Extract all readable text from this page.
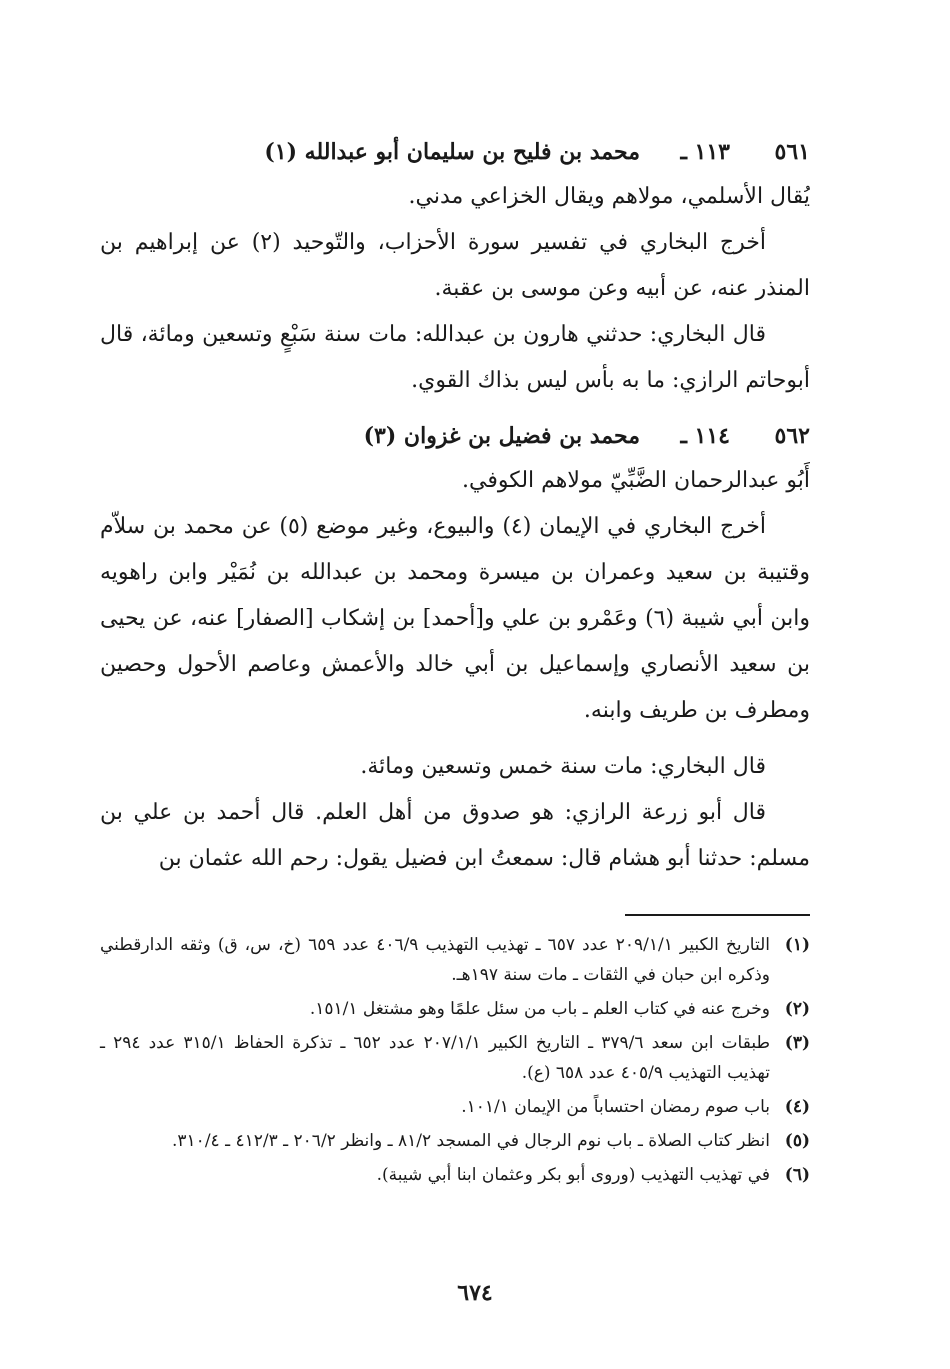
٥٦١
١١٣ ـ
محمد بن فليح بن سليمان أبو عبدالله (١)
يُقال الأسلمي، مولاهم ويقال الخزاعي مدني.

أخرج البخاري في تفسير سورة الأحزاب، والتّوحيد (٢) عن إبراهيم بن المنذر عنه، عن أبيه وعن موسى بن عقبة.

قال البخاري: حدثني هارون بن عبدالله: مات سنة سَبْعٍ وتسعين ومائة، قال أبوحاتم الرازي: ما به بأس ليس بذاك القوي.

٥٦٢
١١٤ ـ
محمد بن فضيل بن غزوان (٣)
أَبُو عبدالرحمان الضَّبِّيّ مولاهم الكوفي.

أخرج البخاري في الإيمان (٤) والبيوع، وغير موضع (٥) عن محمد بن سلاّم وقتيبة بن سعيد وعمران بن ميسرة ومحمد بن عبدالله بن نُمَيْر وابن راهويه وابن أبي شيبة (٦) وعَمْرو بن علي و[أحمد] بن إشكاب [الصفار] عنه، عن يحيى بن سعيد الأنصاري وإسماعيل بن أبي خالد والأعمش وعاصم الأحول وحصين ومطرف بن طريف وابنه.

قال البخاري: مات سنة خمس وتسعين ومائة.

قال أبو زرعة الرازي: هو صدوق من أهل العلم. قال أحمد بن علي بن مسلم: حدثنا أبو هشام قال: سمعتُ ابن فضيل يقول: رحم الله عثمان بن

(١)
التاريخ الكبير ٢٠٩/١/١ عدد ٦٥٧ ـ تهذيب التهذيب ٤٠٦/٩ عدد ٦٥٩ (خ، س، ق) وثقه الدارقطني وذكره ابن حبان في الثقات ـ مات سنة ١٩٧هـ.
(٢)
وخرج عنه في كتاب العلم ـ باب من سئل علمًا وهو مشتغل ١٥١/١.
(٣)
طبقات ابن سعد ٣٧٩/٦ ـ التاريخ الكبير ٢٠٧/١/١ عدد ٦٥٢ ـ تذكرة الحفاظ ٣١٥/١ عدد ٢٩٤ ـ تهذيب التهذيب ٤٠٥/٩ عدد ٦٥٨ (ع).
(٤)
باب صوم رمضان احتساباً من الإيمان ١٠١/١.
(٥)
انظر كتاب الصلاة ـ باب نوم الرجال في المسجد ٨١/٢ ـ وانظر ٢٠٦/٢ ـ ٤١٢/٣ ـ ٣١٠/٤.
(٦)
في تهذيب التهذيب (وروى أبو بكر وعثمان ابنا أبي شيبة).
٦٧٤
